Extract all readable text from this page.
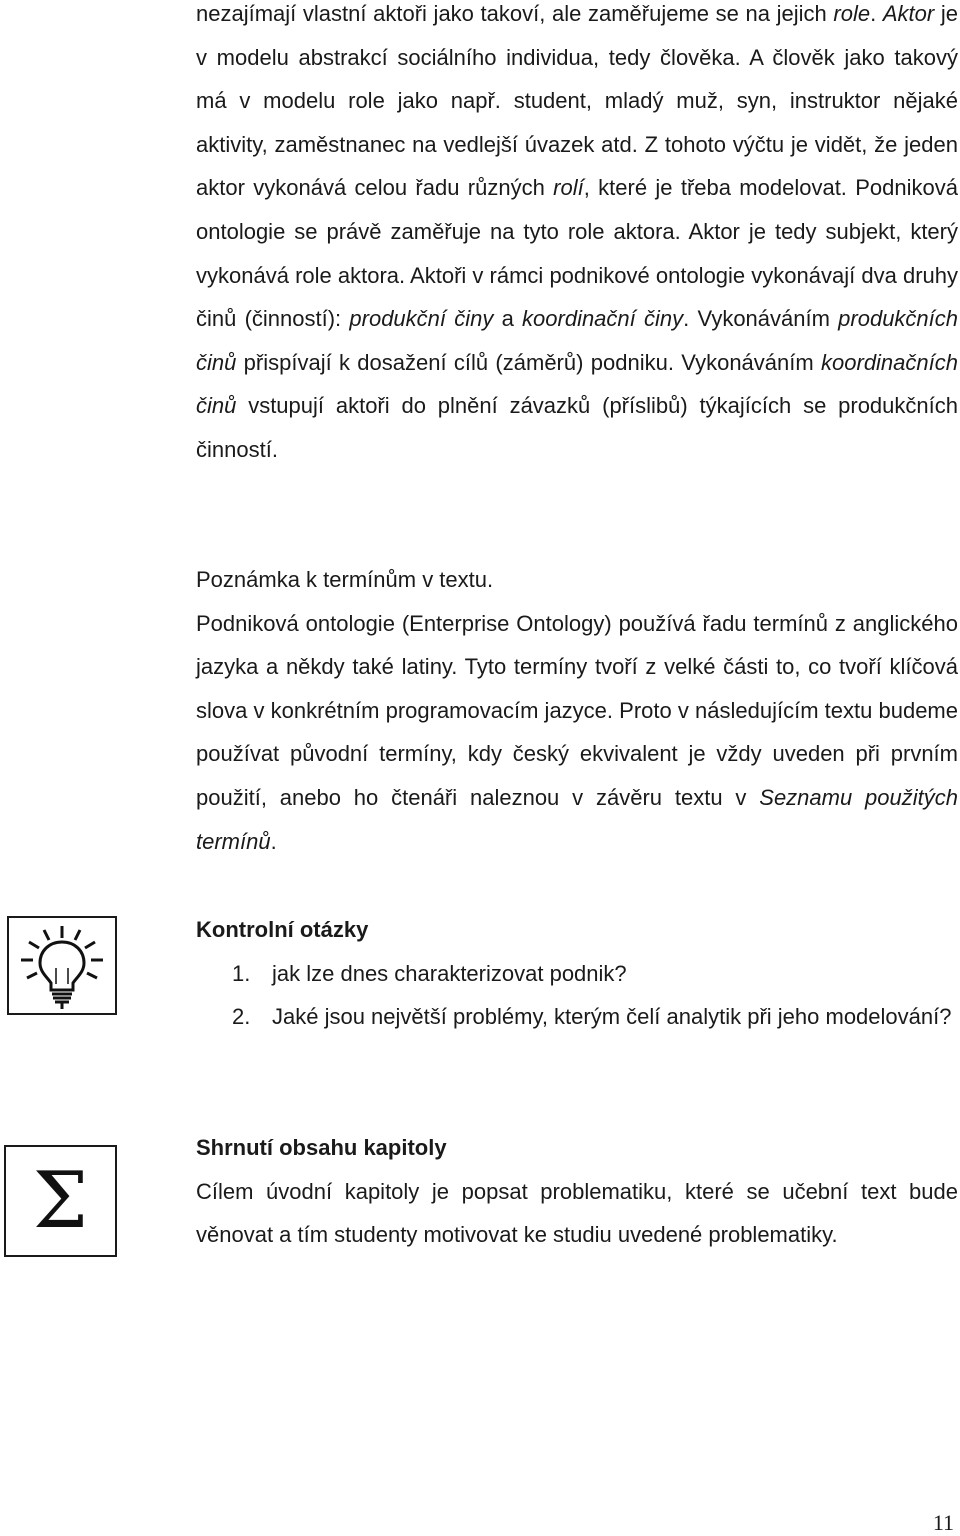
nezajímají vlastní aktoři jako takoví, ale zaměřujeme se na jejich role. Aktor je v modelu abstrakcí sociálního individua, tedy člověka. A člověk jako takový má v modelu role jako např. student, mladý muž, syn, instruktor nějaké aktivity, zaměstnanec na vedlejší úvazek atd. Z tohoto výčtu je vidět, že jeden aktor vykonává celou řadu různých rolí, které je třeba modelovat. Podniková ontologie se právě zaměřuje na tyto role aktora. Aktor je tedy subjekt, který vykonává role aktora. Aktoři v rámci podnikové ontologie vykonávají dva druhy činů (činností): produkční činy a koordinační činy. Vykonáváním produkčních činů přispívají k dosažení cílů (záměrů) podniku. Vykonáváním koordinačních činů vstupují aktoři do plnění závazků (příslibů) týkajících se produkčních činností.
Poznámka k termínům v textu.
Podniková ontologie (Enterprise Ontology) používá řadu termínů z anglického jazyka a někdy také latiny. Tyto termíny tvoří z velké části to, co tvoří klíčová slova v konkrétním programovacím jazyce. Proto v následujícím textu budeme používat původní termíny, kdy český ekvivalent je vždy uveden při prvním použití, anebo ho čtenáři naleznou v závěru textu v Seznamu použitých termínů.
Kontrolní otázky
1. jak lze dnes charakterizovat podnik?
2. Jaké jsou největší problémy, kterým čelí analytik při jeho modelování?
Σ
Shrnutí obsahu kapitoly
Cílem úvodní kapitoly je popsat problematiku, které se učební text bude věnovat a tím studenty motivovat ke studiu uvedené problematiky.
11
